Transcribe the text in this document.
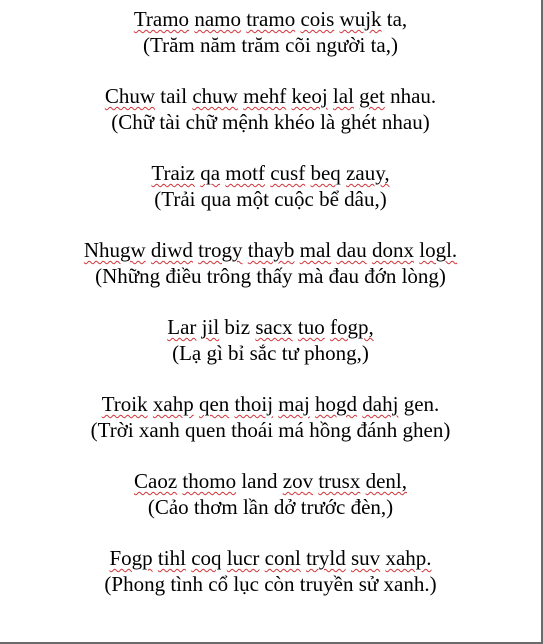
Tramo namo tramo cois wujk ta,
(Trăm năm trăm cõi người ta,)
Chuw tail chuw mehf keoj lal get nhau.
(Chữ tài chữ mệnh khéo là ghét nhau)
Traiz qa motf cusf beq zauy,
(Trải qua một cuộc bể dâu,)
Nhugw diwd trogy thayb mal dau donx logl.
(Những điều trông thấy mà đau đớn lòng)
Lar jil biz sacx tuo fogp,
(Lạ gì bỉ sắc tư phong,)
Troik xahp qen thoij maj hogd dahj gen.
(Trời xanh quen thoái má hồng đánh ghen)
Caoz thomo land zov trusx denl,
(Cảo thơm lần dở trước đèn,)
Fogp tihl coq lucr conl tryld suv xahp.
(Phong tình cổ lục còn truyền sử xanh.)
